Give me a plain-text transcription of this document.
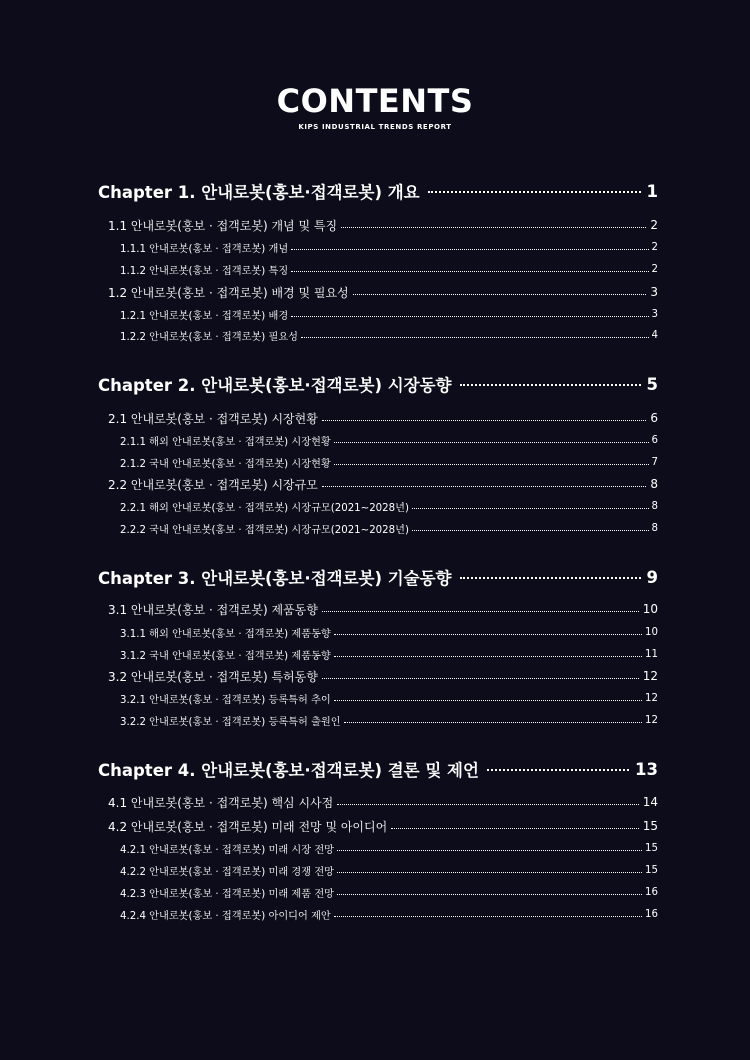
CONTENTS
KIPS INDUSTRIAL TRENDS REPORT
Chapter 1. 안내로봇(홍보·접객로봇) 개요	1
1.1 안내로봇(홍보 · 접객로봇) 개념 및 특징	2
1.1.1 안내로봇(홍보 · 접객로봇) 개념	2
1.1.2 안내로봇(홍보 · 접객로봇) 특징	2
1.2 안내로봇(홍보 · 접객로봇) 배경 및 필요성	3
1.2.1 안내로봇(홍보 · 접객로봇) 배경	3
1.2.2 안내로봇(홍보 · 접객로봇) 필요성	4
Chapter 2. 안내로봇(홍보·접객로봇) 시장동향	5
2.1 안내로봇(홍보 · 접객로봇) 시장현황	6
2.1.1 해외 안내로봇(홍보 · 접객로봇) 시장현황	6
2.1.2 국내 안내로봇(홍보 · 접객로봇) 시장현황	7
2.2 안내로봇(홍보 · 접객로봇) 시장규모	8
2.2.1 해외 안내로봇(홍보 · 접객로봇) 시장규모(2021~2028년)	8
2.2.2 국내 안내로봇(홍보 · 접객로봇) 시장규모(2021~2028년)	8
Chapter 3. 안내로봇(홍보·접객로봇) 기술동향	9
3.1 안내로봇(홍보 · 접객로봇) 제품동향	10
3.1.1 해외 안내로봇(홍보 · 접객로봇) 제품동향	10
3.1.2 국내 안내로봇(홍보 · 접객로봇) 제품동향	11
3.2 안내로봇(홍보 · 접객로봇) 특허동향	12
3.2.1 안내로봇(홍보 · 접객로봇) 등록특허 추이	12
3.2.2 안내로봇(홍보 · 접객로봇) 등록특허 출원인	12
Chapter 4. 안내로봇(홍보·접객로봇) 결론 및 제언	13
4.1 안내로봇(홍보 · 접객로봇) 핵심 시사점	14
4.2 안내로봇(홍보 · 접객로봇) 미래 전망 및 아이디어	15
4.2.1 안내로봇(홍보 · 접객로봇) 미래 시장 전망	15
4.2.2 안내로봇(홍보 · 접객로봇) 미래 경쟁 전망	15
4.2.3 안내로봇(홍보 · 접객로봇) 미래 제품 전망	16
4.2.4 안내로봇(홍보 · 접객로봇) 아이디어 제안	16
